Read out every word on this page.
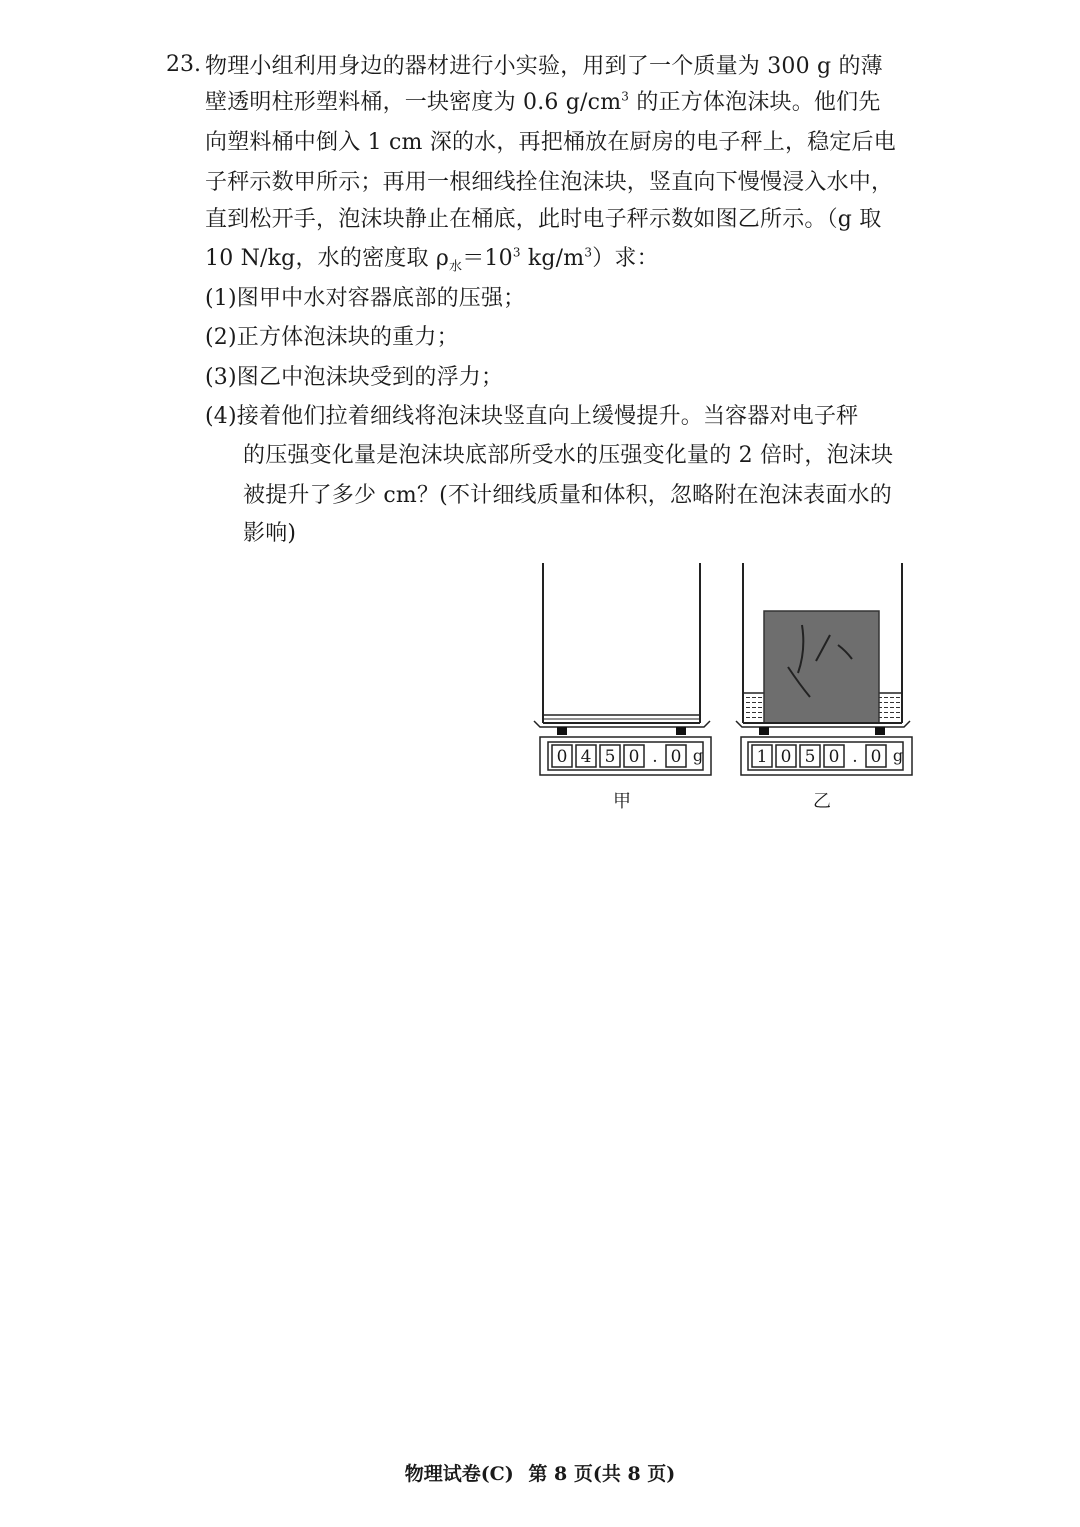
23. 物理小组利用身边的器材进行小实验，用到了一个质量为 300 g 的薄
壁透明柱形塑料桶，一块密度为 0.6 $g/cm^3$ 的正方体泡沫块。他们先
向塑料桶中倒入 1 cm 深的水，再把桶放在厨房的电子秤上，稳定后电
子秤示数甲所示；再用一根细线拴住泡沫块，竖直向下慢慢浸入水中，
直到松开手，泡沫块静止在桶底，此时电子秤示数如图乙所示。（g 取
10 N/kg，水的密度取 $\rho_水=10^3$ $kg/m^3$）求：
(1)图甲中水对容器底部的压强；
(2)正方体泡沫块的重力；
(3)图乙中泡沫块受到的浮力；
(4)接着他们拉着细线将泡沫块竖直向上缓慢提升。当容器对电子秤
的压强变化量是泡沫块底部所受水的压强变化量的 2 倍时，泡沫块
被提升了多少 cm？(不计细线质量和体积，忽略附在泡沫表面水的
影响)
0 4 5 0 . 0 g	1 0 5 0 . 0 g
甲	乙
物理试卷(C) 第 8 页(共 8 页)
